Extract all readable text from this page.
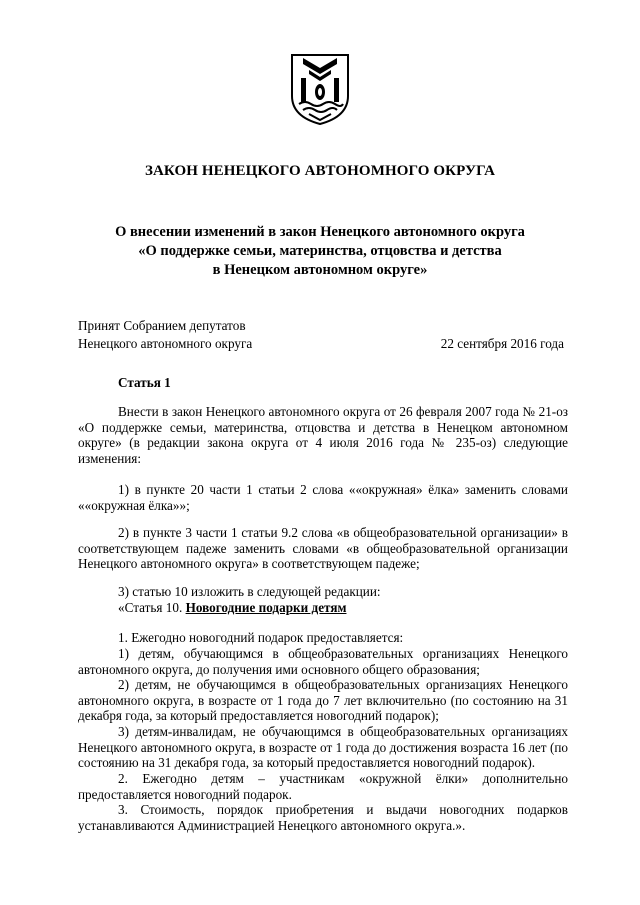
ЗАКОН НЕНЕЦКОГО АВТОНОМНОГО ОКРУГА
О внесении изменений в закон Ненецкого автономного округа
«О поддержке семьи, материнства, отцовства и детства
в Ненецком автономном округе»
Принят Собранием депутатов
Ненецкого автономного округа	22 сентября 2016 года
Статья 1

Внести в закон Ненецкого автономного округа от 26 февраля 2007 года № 21-оз «О поддержке семьи, материнства, отцовства и детства в Ненецком автономном округе» (в редакции закона округа от 4 июля 2016 года № 235-оз) следующие изменения:

1) в пункте 20 части 1 статьи 2 слова ««окружная» ёлка» заменить словами ««окружная ёлка»»;

2) в пункте 3 части 1 статьи 9.2 слова «в общеобразовательной организации» в соответствующем падеже заменить словами «в общеобразовательной организации Ненецкого автономного округа» в соответствующем падеже;

3) статью 10 изложить в следующей редакции:

«Статья 10. Новогодние подарки детям

1. Ежегодно новогодний подарок предоставляется:

1) детям, обучающимся в общеобразовательных организациях Ненецкого автономного округа, до получения ими основного общего образования;

2) детям, не обучающимся в общеобразовательных организациях Ненецкого автономного округа, в возрасте от 1 года до 7 лет включительно (по состоянию на 31 декабря года, за который предоставляется новогодний подарок);

3) детям-инвалидам, не обучающимся в общеобразовательных организациях Ненецкого автономного округа, в возрасте от 1 года до достижения возраста 16 лет (по состоянию на 31 декабря года, за который предоставляется новогодний подарок).

2. Ежегодно детям – участникам «окружной ёлки» дополнительно предоставляется новогодний подарок.

3. Стоимость, порядок приобретения и выдачи новогодних подарков устанавливаются Администрацией Ненецкого автономного округа.».
